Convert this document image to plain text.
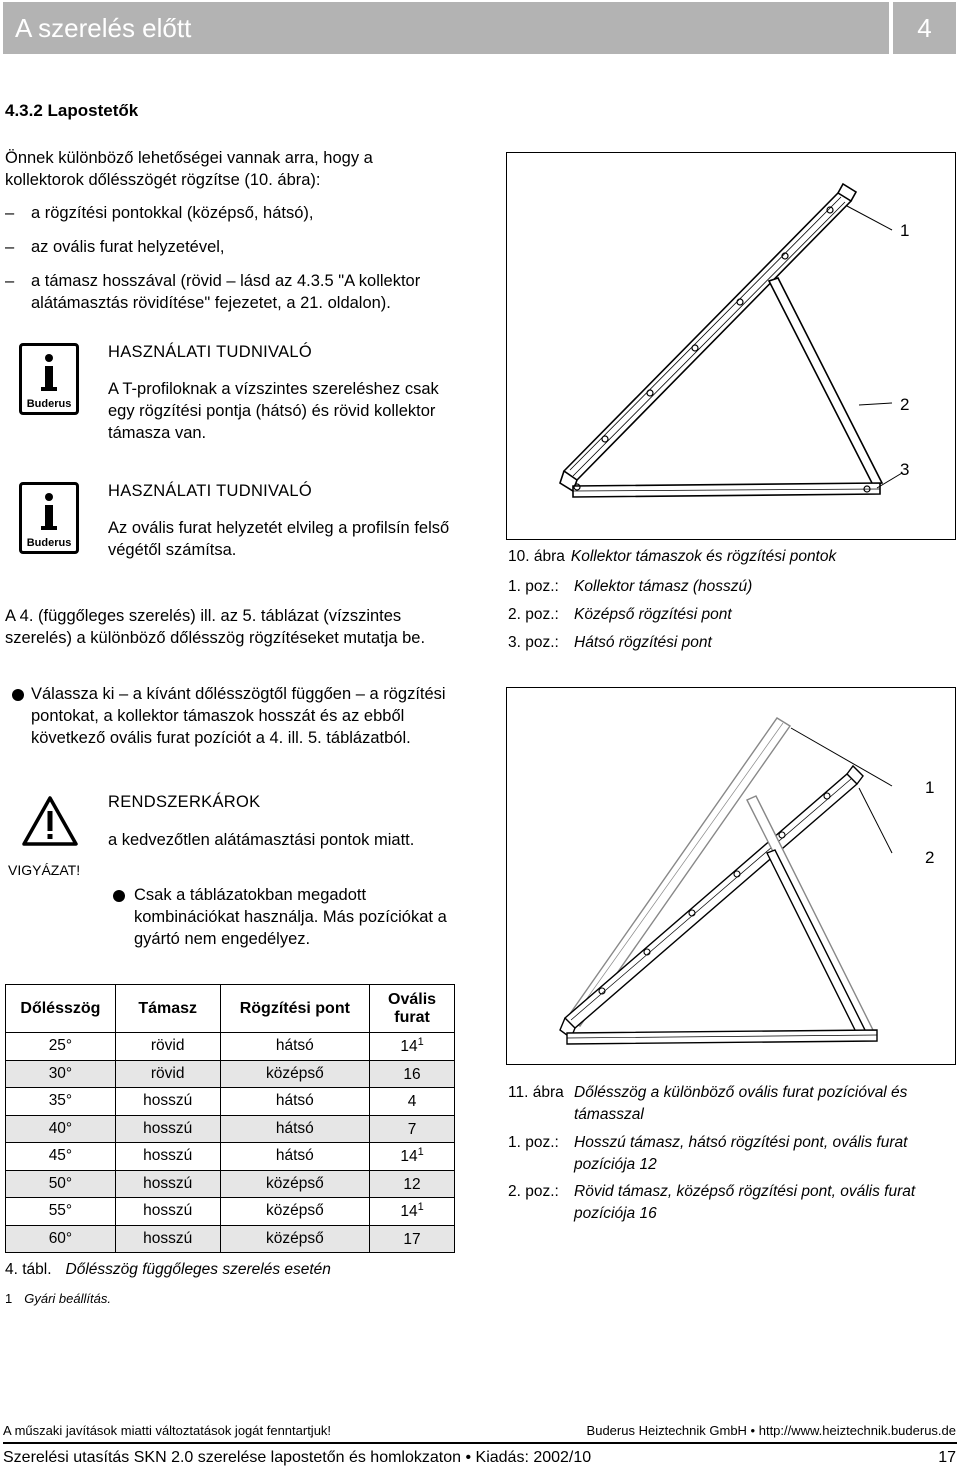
A szerelés előtt	4
4.3.2 Lapostetők
Önnek különböző lehetőségei vannak arra, hogy a kollektorok dőlésszögét rögzítse (10. ábra):
–	a rögzítési pontokkal (középső, hátsó),
–	az ovális furat helyzetével,
–	a támasz hosszával (rövid – lásd az 4.3.5 "A kollektor alátámasztás rövidítése" fejezetet, a 21. oldalon).
Buderus
HASZNÁLATI TUDNIVALÓ
A T-profiloknak a vízszintes szereléshez csak egy rögzítési pontja (hátsó) és rövid kollektor támasza van.
Buderus
HASZNÁLATI TUDNIVALÓ
Az ovális furat helyzetét elvileg a profilsín felső végétől számítsa.
A 4. (függőleges szerelés) ill. az 5. táblázat (vízszintes szerelés) a különböző dőlésszög rögzítéseket mutatja be.
Válassza ki – a kívánt dőlésszögtől függően – a rögzítési pontokat, a kollektor támaszok hosszát és az ebből következő ovális furat pozíciót a 4. ill. 5. táblázatból.
VIGYÁZAT!
RENDSZERKÁROK
a kedvezőtlen alátámasztási pontok miatt.
Csak a táblázatokban megadott kombinációkat használja. Más pozíciókat a gyártó nem engedélyez.
Dőlésszög	Támasz	Rögzítési pont	Ovális furat
25°	rövid	hátsó	$14^1$
30°	rövid	középső	16
35°	hosszú	hátsó	4
40°	hosszú	hátsó	7
45°	hosszú	hátsó	$14^1$
50°	hosszú	középső	12
55°	hosszú	középső	$14^1$
60°	hosszú	középső	17
4. tábl. Dőlésszög függőleges szerelés esetén
1 Gyári beállítás.
1
2
3
10. ábra Kollektor támaszok és rögzítési pontok
1. poz.: Kollektor támasz (hosszú)
2. poz.: Középső rögzítési pont
3. poz.: Hátsó rögzítési pont
1
2
11. ábra Dőlésszög a különböző ovális furat pozícióval és támasszal
1. poz.: Hosszú támasz, hátsó rögzítési pont, ovális furat pozíciója 12
2. poz.: Rövid támasz, középső rögzítési pont, ovális furat pozíciója 16
A műszaki javítások miatti változtatások jogát fenntartjuk!	Buderus Heiztechnik GmbH • http://www.heiztechnik.buderus.de
Szerelési utasítás SKN 2.0 szerelése lapostetőn és homlokzaton • Kiadás: 2002/10	17
